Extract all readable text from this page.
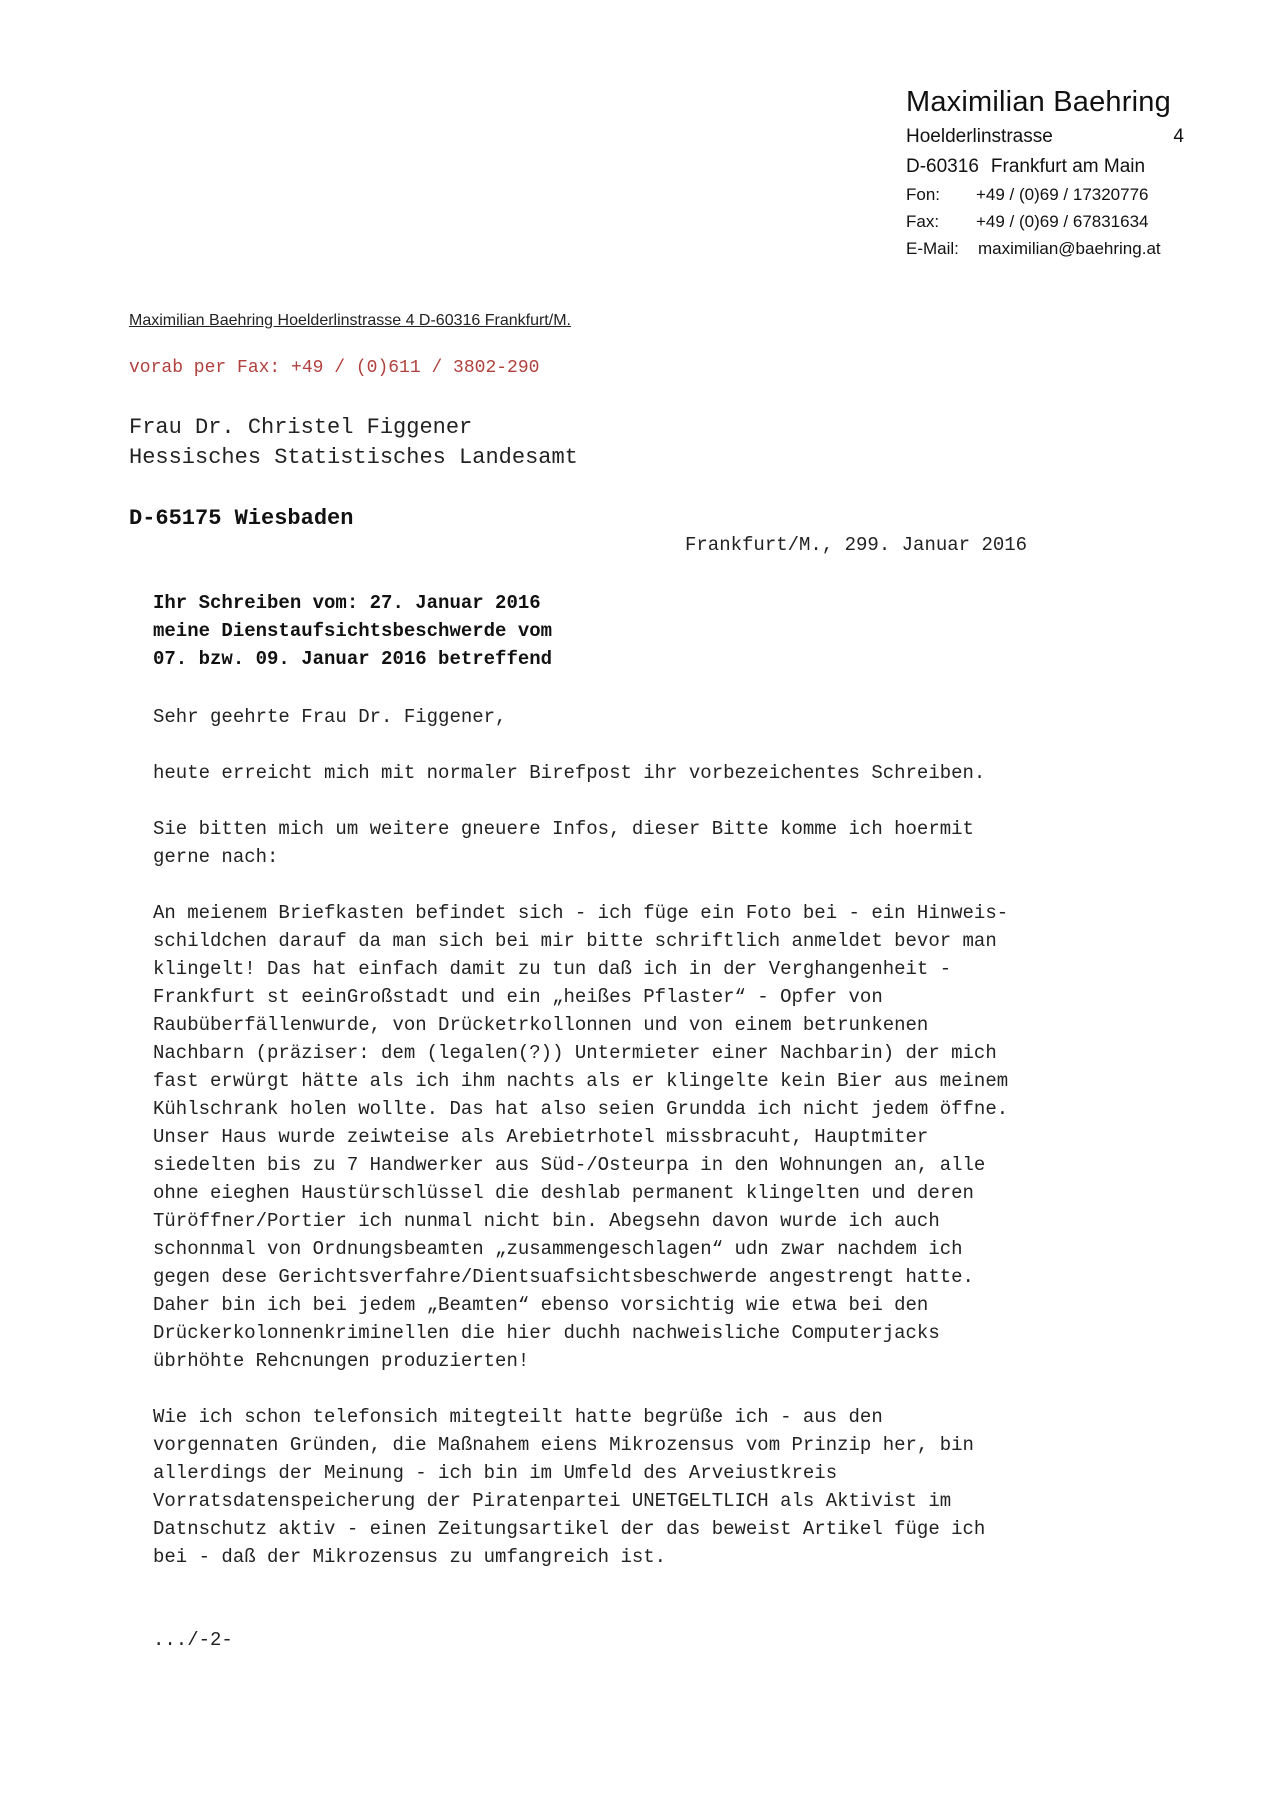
Maximilian Baehring
Hoelderlinstrasse	4
D-60316 Frankfurt am Main
Fon:	+49 / (0)69 / 17320776
Fax:	+49 / (0)69 / 67831634
E-Mail:	maximilian@baehring.at
Maximilian Baehring Hoelderlinstrasse 4 D-60316 Frankfurt/M.
vorab per Fax: +49 / (0)611 / 3802-290
Frau Dr. Christel Figgener
Hessisches Statistisches Landesamt
D-65175 Wiesbaden
Frankfurt/M., 299. Januar 2016
Ihr Schreiben vom: 27. Januar 2016
meine Dienstaufsichtsbeschwerde vom
07. bzw. 09. Januar 2016 betreffend

Sehr geehrte Frau Dr. Figgener,

heute erreicht mich mit normaler Birefpost ihr vorbezeichentes Schreiben.

Sie bitten mich um weitere gneuere Infos, dieser Bitte komme ich hoermit
gerne nach:

An meienem Briefkasten befindet sich - ich füge ein Foto bei - ein Hinweis-
schildchen darauf da man sich bei mir bitte schriftlich anmeldet bevor man
klingelt! Das hat einfach damit zu tun daß ich in der Verghangenheit -
Frankfurt st eeinGroßstadt und ein „heißes Pflaster“ - Opfer von
Raubüberfällenwurde, von Drücketrkollonnen und von einem betrunkenen
Nachbarn (präziser: dem (legalen(?)) Untermieter einer Nachbarin) der mich
fast erwürgt hätte als ich ihm nachts als er klingelte kein Bier aus meinem
Kühlschrank holen wollte. Das hat also seien Grundda ich nicht jedem öffne.
Unser Haus wurde zeiwteise als Arebietrhotel missbracuht, Hauptmiter
siedelten bis zu 7 Handwerker aus Süd-/Osteurpa in den Wohnungen an, alle
ohne eieghen Haustürschlüssel die deshlab permanent klingelten und deren
Türöffner/Portier ich nunmal nicht bin. Abegsehn davon wurde ich auch
schonnmal von Ordnungsbeamten „zusammengeschlagen“ udn zwar nachdem ich
gegen dese Gerichtsverfahre/Dientsuafsichtsbeschwerde angestrengt hatte.
Daher bin ich bei jedem „Beamten“ ebenso vorsichtig wie etwa bei den
Drückerkolonnenkriminellen die hier duchh nachweisliche Computerjacks
übrhöhte Rehcnungen produzierten!

Wie ich schon telefonsich mitegteilt hatte begrüße ich - aus den
vorgennaten Gründen, die Maßnahem eiens Mikrozensus vom Prinzip her, bin
allerdings der Meinung - ich bin im Umfeld des Arveiustkreis
Vorratsdatenspeicherung der Piratenpartei UNETGELTLICH als Aktivist im
Datnschutz aktiv - einen Zeitungsartikel der das beweist Artikel füge ich
bei - daß der Mikrozensus zu umfangreich ist.

.../-2-
